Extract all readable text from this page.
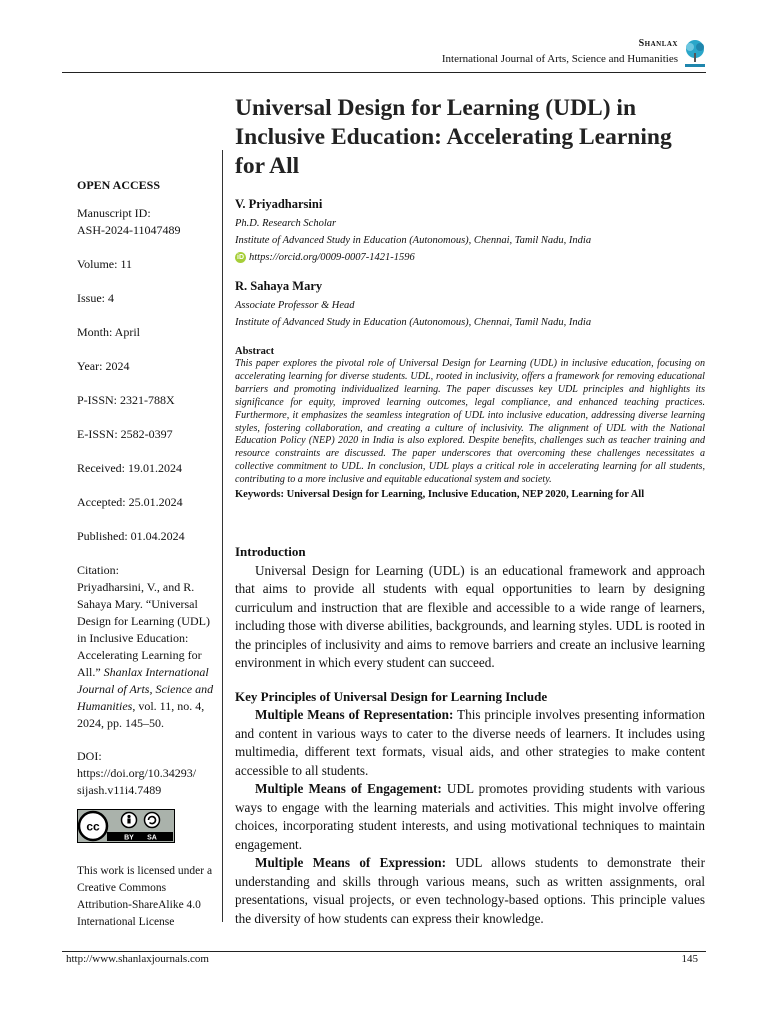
Shanlax
International Journal of Arts, Science and Humanities
Universal Design for Learning (UDL) in Inclusive Education: Accelerating Learning for All
OPEN ACCESS
Manuscript ID:
ASH-2024-11047489
Volume: 11
Issue: 4
Month: April
Year: 2024
P-ISSN: 2321-788X
E-ISSN: 2582-0397
Received: 19.01.2024
Accepted: 25.01.2024
Published: 01.04.2024
Citation:
Priyadharsini, V., and R. Sahaya Mary. “Universal Design for Learning (UDL) in Inclusive Education: Accelerating Learning for All.” Shanlax International Journal of Arts, Science and Humanities, vol. 11, no. 4, 2024, pp. 145–50.
DOI:
https://doi.org/10.34293/
sijash.v11i4.7489
cc
BY SA
This work is licensed under a Creative Commons Attribution-ShareAlike 4.0 International License
V. Priyadharsini
Ph.D. Research Scholar
Institute of Advanced Study in Education (Autonomous), Chennai, Tamil Nadu, India
iD https://orcid.org/0009-0007-1421-1596
R. Sahaya Mary
Associate Professor & Head
Institute of Advanced Study in Education (Autonomous), Chennai, Tamil Nadu, India
Abstract
This paper explores the pivotal role of Universal Design for Learning (UDL) in inclusive education, focusing on accelerating learning for diverse students. UDL, rooted in inclusivity, offers a framework for removing educational barriers and promoting individualized learning. The paper discusses key UDL principles and highlights its significance for equity, improved learning outcomes, legal compliance, and enhanced teaching practices. Furthermore, it emphasizes the seamless integration of UDL into inclusive education, addressing diverse learning styles, fostering collaboration, and creating a culture of inclusivity. The alignment of UDL with the National Education Policy (NEP) 2020 in India is also explored. Despite benefits, challenges such as teacher training and resource constraints are discussed. The paper underscores that overcoming these challenges necessitates a collective commitment to UDL. In conclusion, UDL plays a critical role in accelerating learning for all students, contributing to a more inclusive and equitable educational system and society.
Keywords: Universal Design for Learning, Inclusive Education, NEP 2020, Learning for All
Introduction
Universal Design for Learning (UDL) is an educational framework and approach that aims to provide all students with equal opportunities to learn by designing curriculum and instruction that are flexible and accessible to a wide range of learners, including those with diverse abilities, backgrounds, and learning styles. UDL is rooted in the principles of inclusivity and aims to remove barriers and create an inclusive learning environment in which every student can succeed.
Key Principles of Universal Design for Learning Include
Multiple Means of Representation: This principle involves presenting information and content in various ways to cater to the diverse needs of learners. It includes using multimedia, different text formats, visual aids, and other strategies to make content accessible to all students.
Multiple Means of Engagement: UDL promotes providing students with various ways to engage with the learning materials and activities. This might involve offering choices, incorporating student interests, and using motivational techniques to maintain engagement.
Multiple Means of Expression: UDL allows students to demonstrate their understanding and skills through various means, such as written assignments, oral presentations, visual projects, or even technology-based options. This principle values the diversity of how students can express their knowledge.
http://www.shanlaxjournals.com	145
